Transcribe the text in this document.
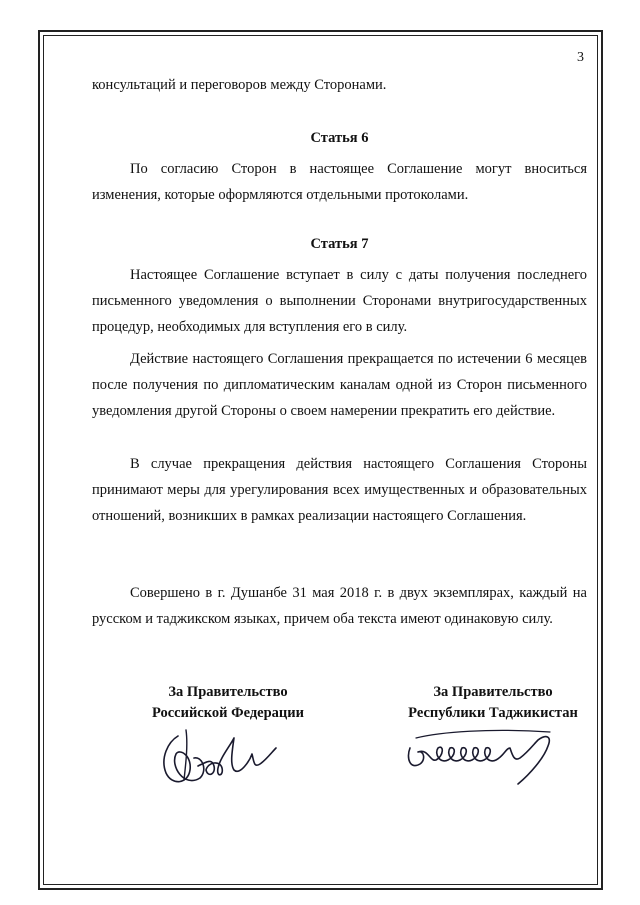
3
консультаций и переговоров между Сторонами.
Статья 6
По согласию Сторон в настоящее Соглашение могут вноситься изменения, которые оформляются отдельными протоколами.
Статья 7
Настоящее Соглашение вступает в силу с даты получения последнего письменного уведомления о выполнении Сторонами внутригосударственных процедур, необходимых для вступления его в силу.
Действие настоящего Соглашения прекращается по истечении 6 месяцев после получения по дипломатическим каналам одной из Сторон письменного уведомления другой Стороны о своем намерении прекратить его действие.
В случае прекращения действия настоящего Соглашения Стороны принимают меры для урегулирования всех имущественных и образовательных отношений, возникших в рамках реализации настоящего Соглашения.
Совершено в г. Душанбе 31 мая 2018 г. в двух экземплярах, каждый на русском и таджикском языках, причем оба текста имеют одинаковую силу.
За Правительство
Российской Федерации
За Правительство
Республики Таджикистан
